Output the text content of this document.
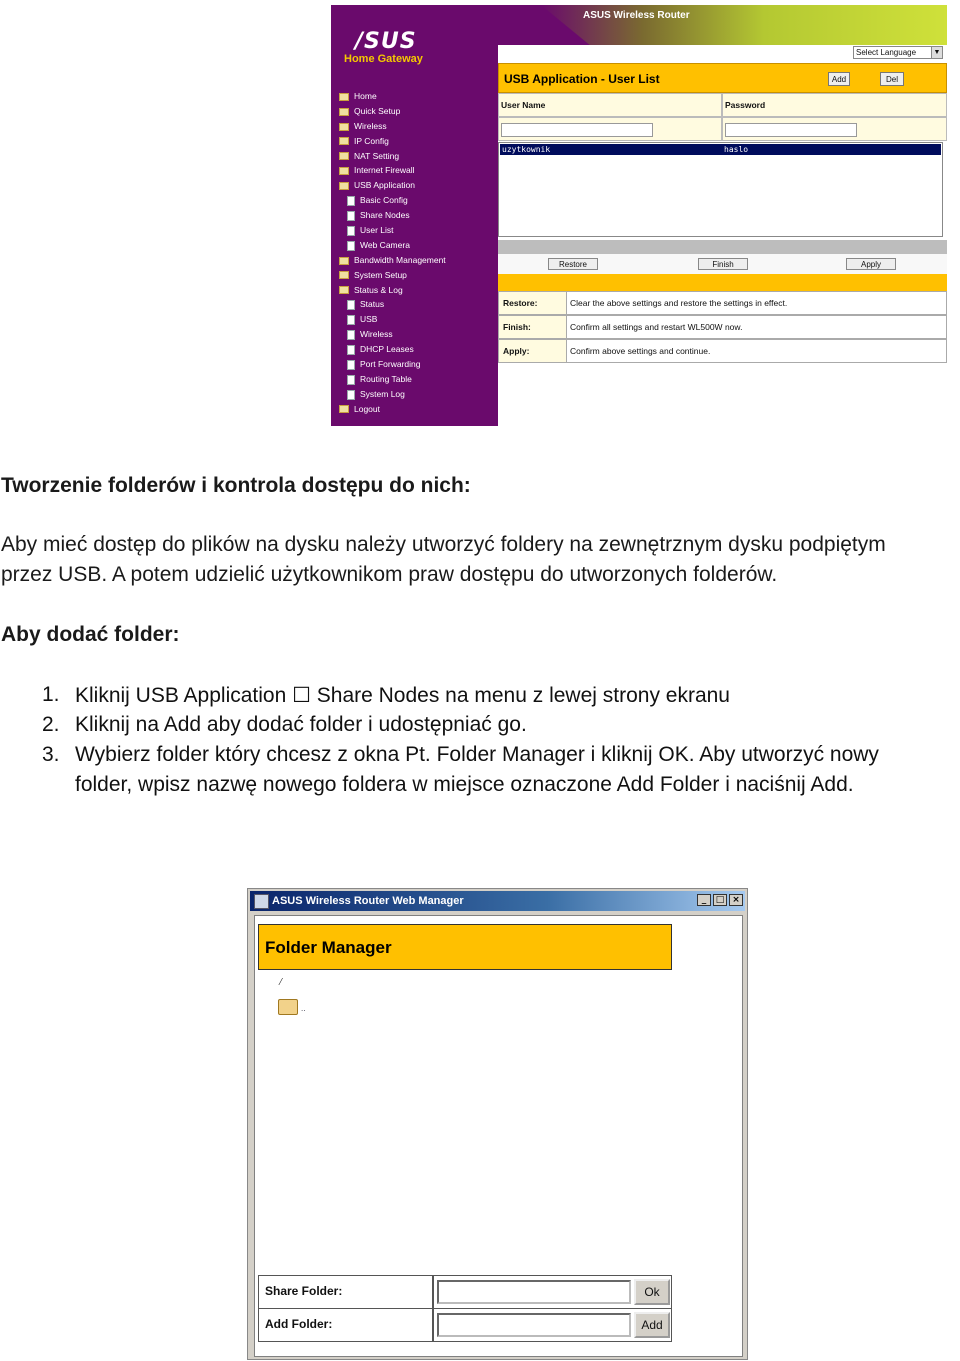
/SUS
Home Gateway
Home
Quick Setup
Wireless
IP Config
NAT Setting
Internet Firewall
USB Application
Basic Config
Share Nodes
User List
Web Camera
Bandwidth Management
System Setup
Status & Log
Status
USB
Wireless
DHCP Leases
Port Forwarding
Routing Table
System Log
Logout
ASUS Wireless Router
Select Language	▼
USB Application - User List	Add	Del
User Name	Password
uzytkownik	haslo
Restore	Finish	Apply
Restore:	Clear the above settings and restore the settings in effect.
Finish:	Confirm all settings and restart WL500W now.
Apply:	Confirm above settings and continue.
Tworzenie folderów i kontrola dostępu do nich:
Aby mieć dostęp do plików na dysku należy utworzyć foldery na zewnętrznym dysku podpiętym
przez USB. A potem udzielić użytkownikom praw dostępu do utworzonych folderów.
Aby dodać folder:
1. Kliknij USB Application ☐ Share Nodes na menu z lewej strony ekranu
2. Kliknij na Add aby dodać folder i udostępniać go.
3. Wybierz folder który chcesz z okna Pt. Folder Manager i kliknij OK. Aby utworzyć nowy
folder, wpisz nazwę nowego foldera w miejsce oznaczone Add Folder i naciśnij Add.
ASUS Wireless Router Web Manager	_	□ ×
Folder Manager
/
..
Share Folder:	Ok
Add Folder:	Add
